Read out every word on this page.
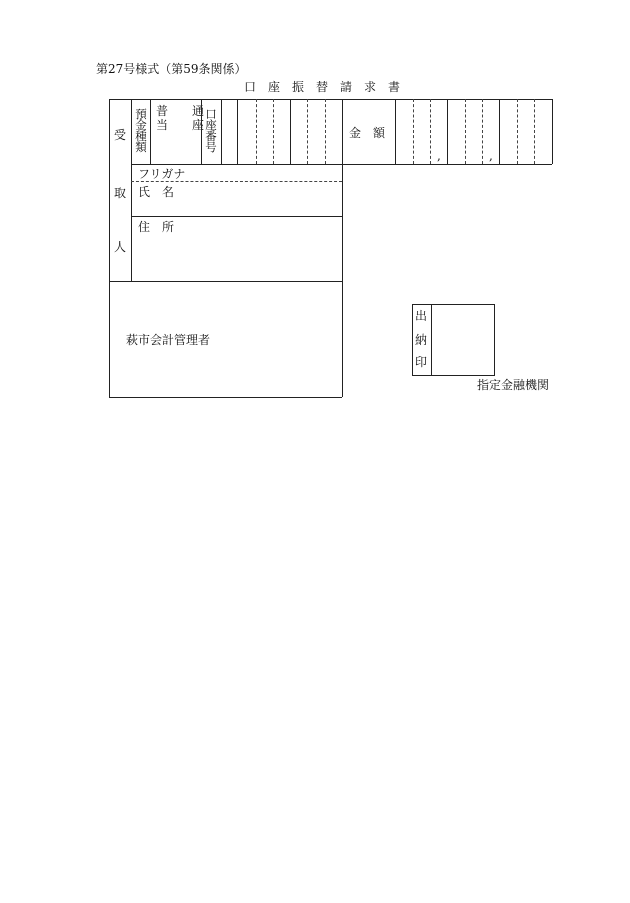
第27号様式（第59条関係）
口　座　振　替　請　求　書
受
取
人
預
金
種
類
普　　通
当　　座
口
座
番
号
金　額
,	,
フリガナ
氏　名
住　所
萩市会計管理者
出
納
印
指定金融機関
